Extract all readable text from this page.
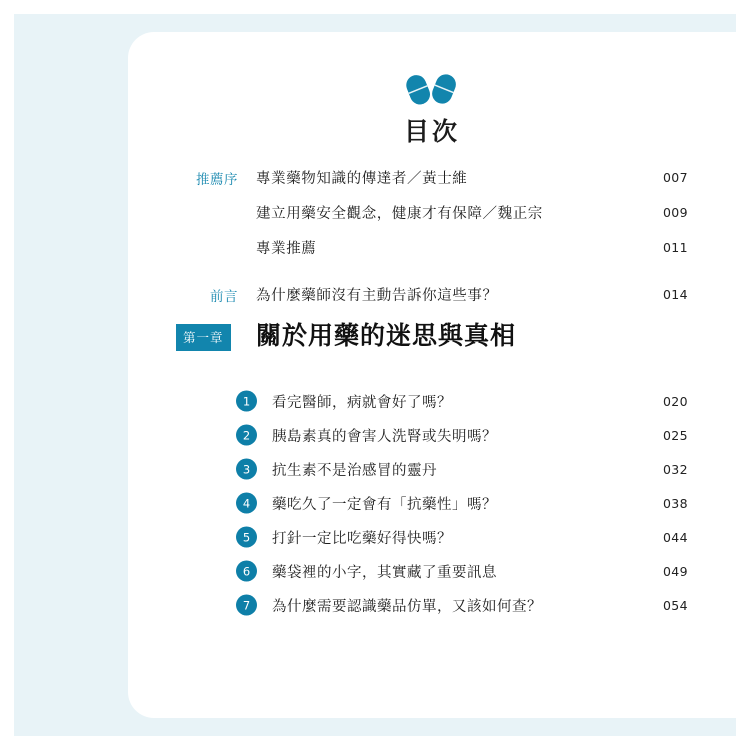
目次
推薦序 專業藥物知識的傳達者／黃士維	007
建立用藥安全觀念，健康才有保障／魏正宗	009
專業推薦	011
前言 為什麼藥師沒有主動告訴你這些事？	014
第一章 關於用藥的迷思與真相
1	看完醫師，病就會好了嗎？	020
2	胰島素真的會害人洗腎或失明嗎？	025
3	抗生素不是治感冒的靈丹	032
4	藥吃久了一定會有「抗藥性」嗎？	038
5	打針一定比吃藥好得快嗎？	044
6	藥袋裡的小字，其實藏了重要訊息	049
7	為什麼需要認識藥品仿單，又該如何查？	054
